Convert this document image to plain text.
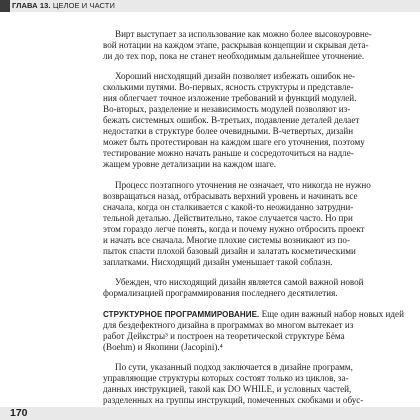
ГЛАВА 13. ЦЕЛОЕ И ЧАСТИ

Вирт выступает за использование как можно более высокоуровне-
вой нотации на каждом этапе, раскрывая концепции и скрывая дета-
ли до тех пор, пока не станет необходимым дальнейшее уточнение.

Хороший нисходящий дизайн позволяет избежать ошибок не-
сколькими путями. Во-первых, ясность структуры и представле-
ния облегчает точное изложение требований и функций модулей.
Во-вторых, разделение и независимость модулей позволяют из-
бежать системных ошибок. В-третьих, подавление деталей делает
недостатки в структуре более очевидными. В-четвертых, дизайн
может быть протестирован на каждом шаге его уточнения, поэтому
тестирование можно начать раньше и сосредоточиться на надле-
жащем уровне детализации на каждом шаге.

Процесс поэтапного уточнения не означает, что никогда не нужно
возвращаться назад, отбрасывать верхний уровень и начинать все
сначала, когда он сталкивается с какой-то неожиданно затрудни-
тельной деталью. Действительно, такое случается часто. Но при
этом гораздо легче понять, когда и почему нужно отбросить проект
и начать все сначала. Многие плохие системы возникают из по-
пыток спасти плохой базовый дизайн и залатать косметическими
заплатками. Нисходящий дизайн уменьшает такой соблазн.

Убежден, что нисходящий дизайн является самой важной новой
формализацией программирования последнего десятилетия.

СТРУКТУРНОЕ ПРОГРАММИРОВАНИЕ. Еще один важный набор новых идей
для бездефектного дизайна в программах во многом вытекает из
работ Дейкстры³ и построен на теоретической структуре Бёма
(Boehm) и Якопини (Jacopini).⁴

По сути, указанный подход заключается в дизайне программ,
управляющие структуры которых состоят только из циклов, за-
данных инструкцией, такой как DO WHILE, и условных частей,
разделенных на группы инструкций, помеченных скобками и обус-

170
